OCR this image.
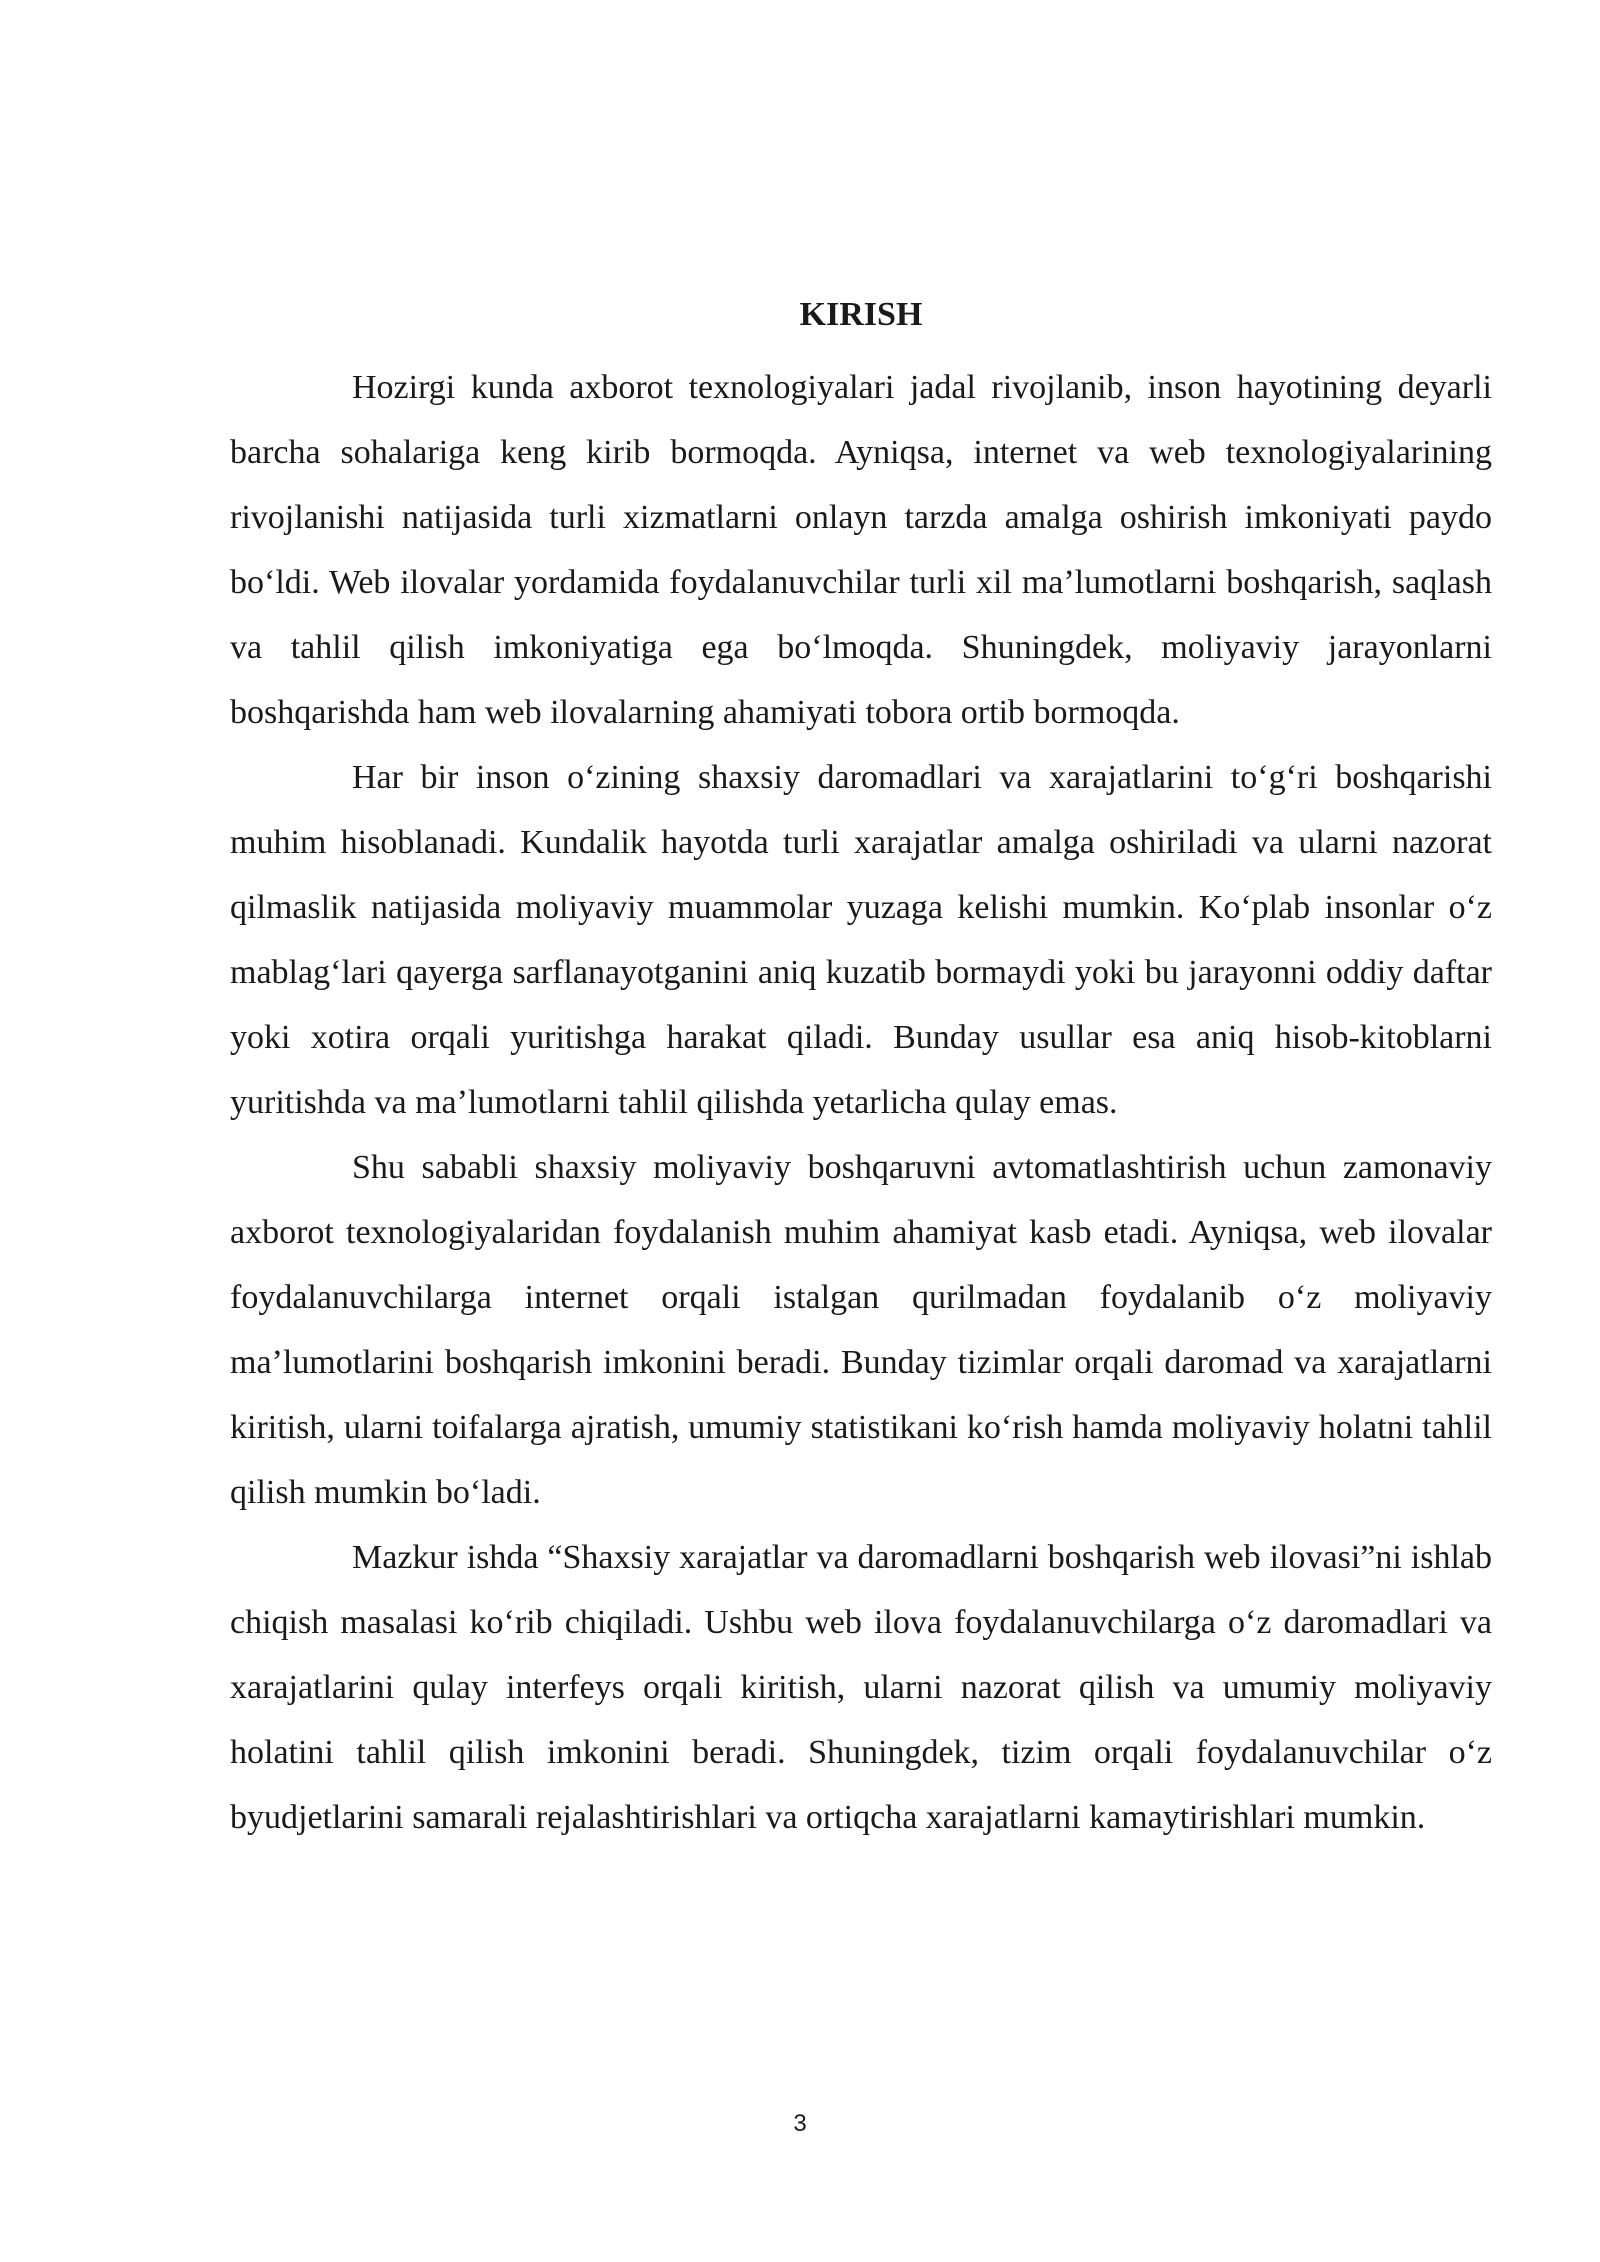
KIRISH

Hozirgi kunda axborot texnologiyalari jadal rivojlanib, inson hayotining deyarli barcha sohalariga keng kirib bormoqda. Ayniqsa, internet va web texnologiyalarining rivojlanishi natijasida turli xizmatlarni onlayn tarzda amalga oshirish imkoniyati paydo boʻldi. Web ilovalar yordamida foydalanuvchilar turli xil maʼlumotlarni boshqarish, saqlash va tahlil qilish imkoniyatiga ega boʻlmoqda. Shuningdek, moliyaviy jarayonlarni boshqarishda ham web ilovalarning ahamiyati tobora ortib bormoqda.

Har bir inson oʻzining shaxsiy daromadlari va xarajatlarini toʻgʻri boshqarishi muhim hisoblanadi. Kundalik hayotda turli xarajatlar amalga oshiriladi va ularni nazorat qilmaslik natijasida moliyaviy muammolar yuzaga kelishi mumkin. Koʻplab insonlar oʻz mablagʻlari qayerga sarflanayotganini aniq kuzatib bormaydi yoki bu jarayonni oddiy daftar yoki xotira orqali yuritishga harakat qiladi. Bunday usullar esa aniq hisob-kitoblarni yuritishda va maʼlumotlarni tahlil qilishda yetarlicha qulay emas.

Shu sababli shaxsiy moliyaviy boshqaruvni avtomatlashtirish uchun zamonaviy axborot texnologiyalaridan foydalanish muhim ahamiyat kasb etadi. Ayniqsa, web ilovalar foydalanuvchilarga internet orqali istalgan qurilmadan foydalanib oʻz moliyaviy maʼlumotlarini boshqarish imkonini beradi. Bunday tizimlar orqali daromad va xarajatlarni kiritish, ularni toifalarga ajratish, umumiy statistikani koʻrish hamda moliyaviy holatni tahlil qilish mumkin boʻladi.

Mazkur ishda “Shaxsiy xarajatlar va daromadlarni boshqarish web ilovasi”ni ishlab chiqish masalasi koʻrib chiqiladi. Ushbu web ilova foydalanuvchilarga oʻz daromadlari va xarajatlarini qulay interfeys orqali kiritish, ularni nazorat qilish va umumiy moliyaviy holatini tahlil qilish imkonini beradi. Shuningdek, tizim orqali foydalanuvchilar oʻz byudjetlarini samarali rejalashtirishlari va ortiqcha xarajatlarni kamaytirishlari mumkin.

3
